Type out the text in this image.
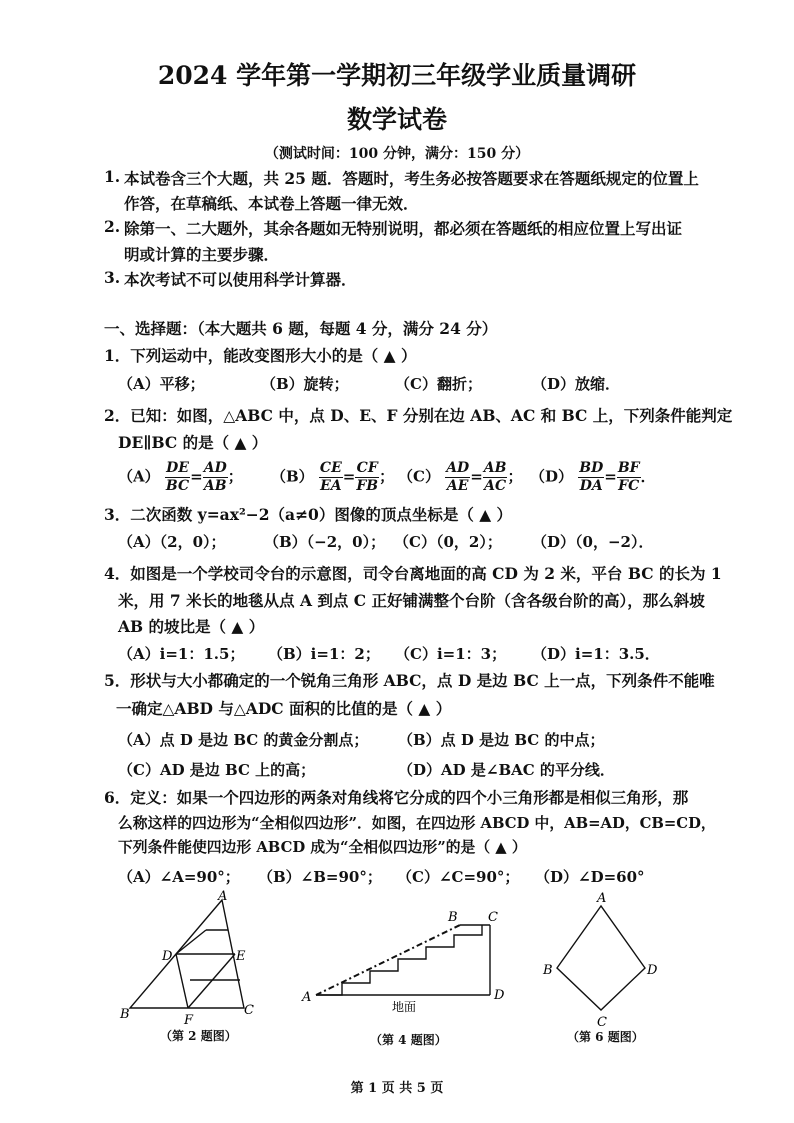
2024 学年第一学期初三年级学业质量调研
数学试卷
（测试时间：100 分钟，满分：150 分）
1. 本试卷含三个大题，共 25 题．答题时，考生务必按答题要求在答题纸规定的位置上
作答，在草稿纸、本试卷上答题一律无效．
2. 除第一、二大题外，其余各题如无特别说明，都必须在答题纸的相应位置上写出证
明或计算的主要步骤．
3. 本次考试不可以使用科学计算器．
一、选择题：（本大题共 6 题，每题 4 分，满分 24 分）
1．下列运动中，能改变图形大小的是（ ▲ ）
（A）平移；	（B）旋转；	（C）翻折；	（D）放缩．
2．已知：如图，△ABC 中，点 D、E、F 分别在边 AB、AC 和 BC 上，下列条件能判定
DE∥BC 的是（ ▲ ）
$(A) \frac{DE}{BC} = \frac{AD}{AB}$ ； $(B) \frac{CE}{EA} = \frac{CF}{FB}$ ； $(C) \frac{AD}{AE} = \frac{AB}{AC}$ ； $(D) \frac{BD}{DA} = \frac{BF}{FC}$ ．
3．二次函数 y=ax²−2（a≠0）图像的顶点坐标是（ ▲ ）
（A）（2，0）；	（B）（−2，0）； （C）（0，2）； （D）（0，−2）．
4．如图是一个学校司令台的示意图，司令台离地面的高 CD 为 2 米，平台 BC 的长为 1
米，用 7 米长的地毯从点 A 到点 C 正好铺满整个台阶（含各级台阶的高），那么斜坡
AB 的坡比是（ ▲ ）
（A）i=1：1.5； （B）i=1：2； （C）i=1：3； （D）i=1：3.5．
5．形状与大小都确定的一个锐角三角形 ABC，点 D 是边 BC 上一点，下列条件不能唯
一确定△ABD 与△ADC 面积的比值的是（ ▲ ）
（A）点 D 是边 BC 的黄金分割点； （B）点 D 是边 BC 的中点；
（C）AD 是边 BC 上的高；	（D）AD 是∠BAC 的平分线．
6．定义：如果一个四边形的两条对角线将它分成的四个小三角形都是相似三角形，那
么称这样的四边形为“全相似四边形”．如图，在四边形 ABCD 中，AB=AD，CB=CD，
下列条件能使四边形 ABCD 成为“全相似四边形”的是（ ▲ ）
（A）∠A=90°； （B）∠B=90°； （C）∠C=90°； （D）∠D=60°
A
D	E
B	F
C
（第 2 题图）
B C
A	D
地面
（第 4 题图）
A
B	D
C
（第 6 题图）
第 1 页 共 5 页
